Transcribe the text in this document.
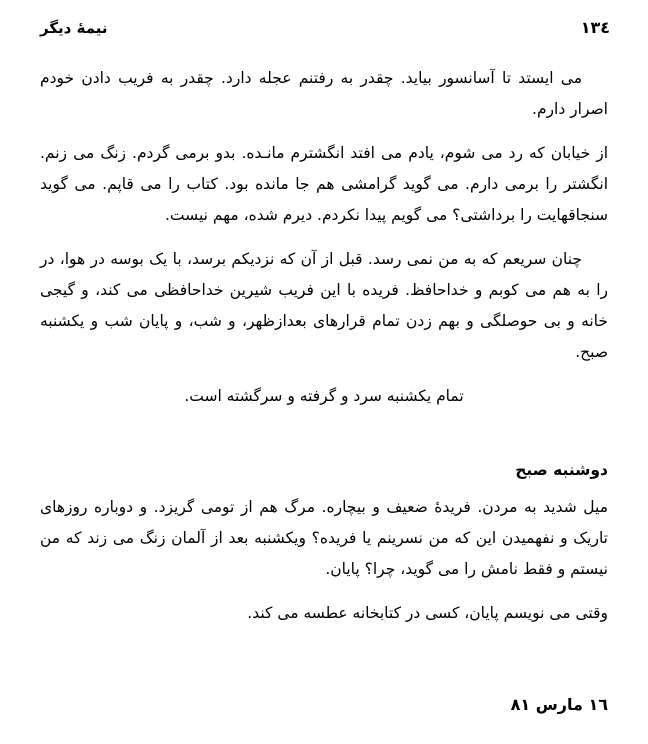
١٣٤
نیمهٔ دیگر

می ایستد تا آسانسور بیاید. چقدر به رفتنم عجله دارد. چقدر به فریب دادن خودم اصرار دارم.

از خیابان که رد می شوم، یادم می افتد انگشترم مانـده. بدو برمی گردم. زنگ می زنم. انگشتر را برمی دارم. می گوید گرامشی هم جا مانده بود. کتاب را می قاپم. می گوید سنجاقهایت را برداشتی؟ می گویم پیدا نکردم. دیرم شده، مهم نیست.

چنان سریعم که به من نمی رسد. قبل از آن که نزدیکم برسد، با یک بوسه در هوا، در را به هم می کوبم و خداحافظ. فریده با این فریب شیرین خداحافظی می کند، و گیجی خانه و بی حوصلگی و بهم زدن تمام قرارهای بعدازظهر، و شب، و پایان شب و یکشنبه صبح.

تمام یکشنبه سرد و گرفته و سرگشته است.

دوشنبه صبح

میل شدید به مردن. فریدهٔ ضعیف و بیچاره. مرگ هم از تومی گریزد. و دوباره روزهای تاریک و نفهمیدن این که من نسرینم یا فریده؟ ویکشنبه بعد از آلمان زنگ می زند که من نیستم و فقط نامش را می گوید، چرا؟ پایان.

وقتی می نویسم پایان، کسی در کتابخانه عطسه می کند.

١٦ مارس ٨١
